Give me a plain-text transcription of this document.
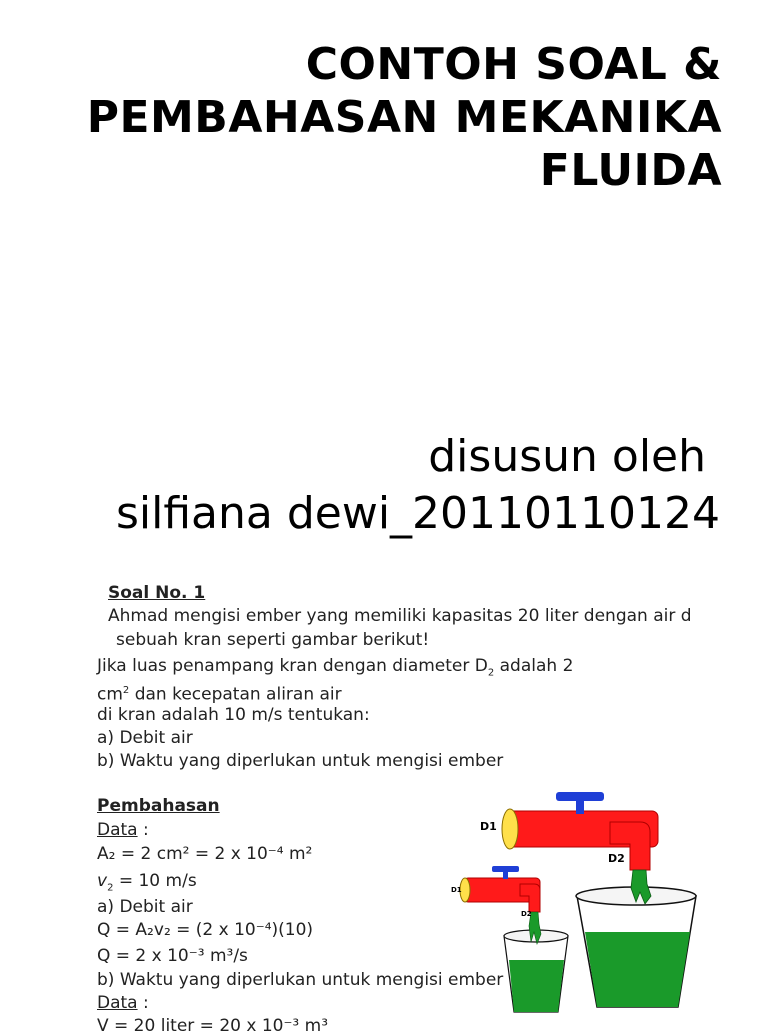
CONTOH SOAL &
PEMBAHASAN MEKANIKA
FLUIDA
disusun oleh
silfiana dewi_20110110124
Soal No. 1
Ahmad mengisi ember yang memiliki kapasitas 20 liter dengan air d
sebuah kran seperti gambar berikut!
Jika luas penampang kran dengan diameter $D_2$ adalah 2
$cm^2$ dan kecepatan aliran air
di kran adalah 10 m/s tentukan:
a) Debit air
b) Waktu yang diperlukan untuk mengisi ember
Pembahasan
Data :
A₂ = 2 cm² = 2 x 10⁻⁴ m²
$v_2 = 10$ m/s
a) Debit air
Q = A₂v₂ = (2 x 10⁻⁴)(10)
Q = 2 x 10⁻³ m³/s
b) Waktu yang diperlukan untuk mengisi ember
Data :
V = 20 liter = 20 x 10⁻³ m³
D1
D2
D1
D2
